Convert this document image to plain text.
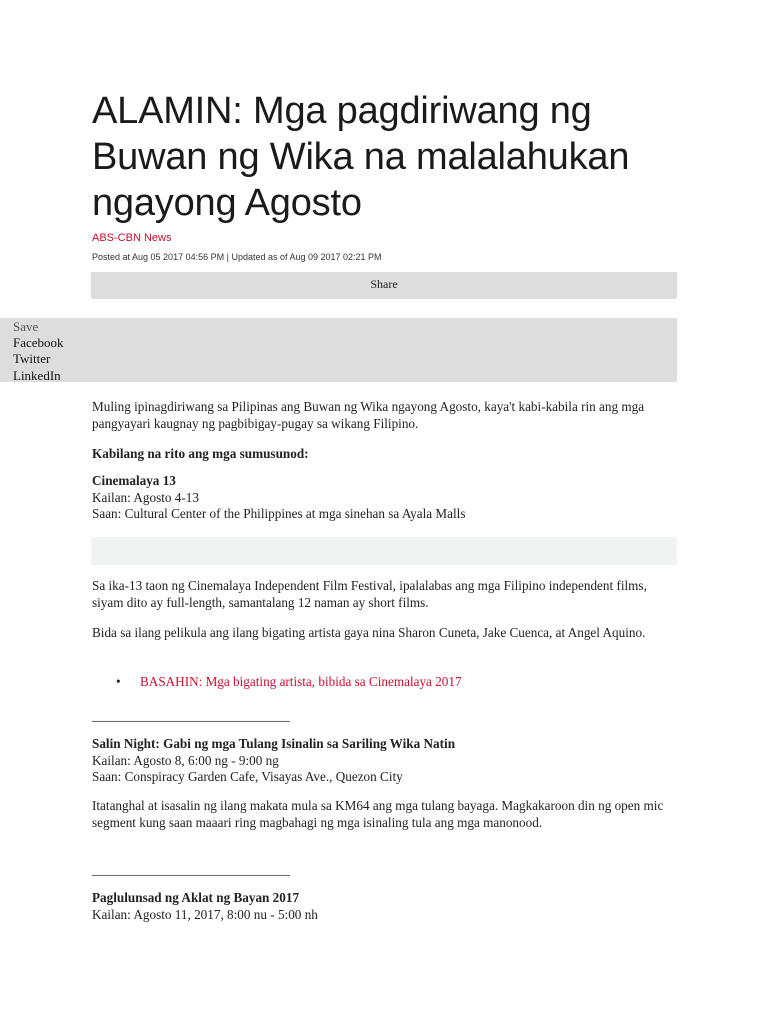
ALAMIN: Mga pagdiriwang ng Buwan ng Wika na malalahukan ngayong Agosto
ABS-CBN News
Posted at Aug 05 2017 04:56 PM | Updated as of Aug 09 2017 02:21 PM
Share
Save
Facebook
Twitter
LinkedIn

Muling ipinagdiriwang sa Pilipinas ang Buwan ng Wika ngayong Agosto, kaya't kabi-kabila rin ang mga pangyayari kaugnay ng pagbibigay-pugay sa wikang Filipino.

Kabilang na rito ang mga sumusunod:

Cinemalaya 13
Kailan: Agosto 4-13
Saan: Cultural Center of the Philippines at mga sinehan sa Ayala Malls

Sa ika-13 taon ng Cinemalaya Independent Film Festival, ipalalabas ang mga Filipino independent films, siyam dito ay full-length, samantalang 12 naman ay short films.

Bida sa ilang pelikula ang ilang bigating artista gaya nina Sharon Cuneta, Jake Cuenca, at Angel Aquino.

• BASAHIN: Mga bigating artista, bibida sa Cinemalaya 2017
______________________________
Salin Night: Gabi ng mga Tulang Isinalin sa Sariling Wika Natin
Kailan: Agosto 8, 6:00 ng - 9:00 ng
Saan: Conspiracy Garden Cafe, Visayas Ave., Quezon City

Itatanghal at isasalin ng ilang makata mula sa KM64 ang mga tulang bayaga. Magkakaroon din ng open mic segment kung saan maaari ring magbahagi ng mga isinaling tula ang mga manonood.

______________________________
Paglulunsad ng Aklat ng Bayan 2017
Kailan: Agosto 11, 2017, 8:00 nu - 5:00 nh
